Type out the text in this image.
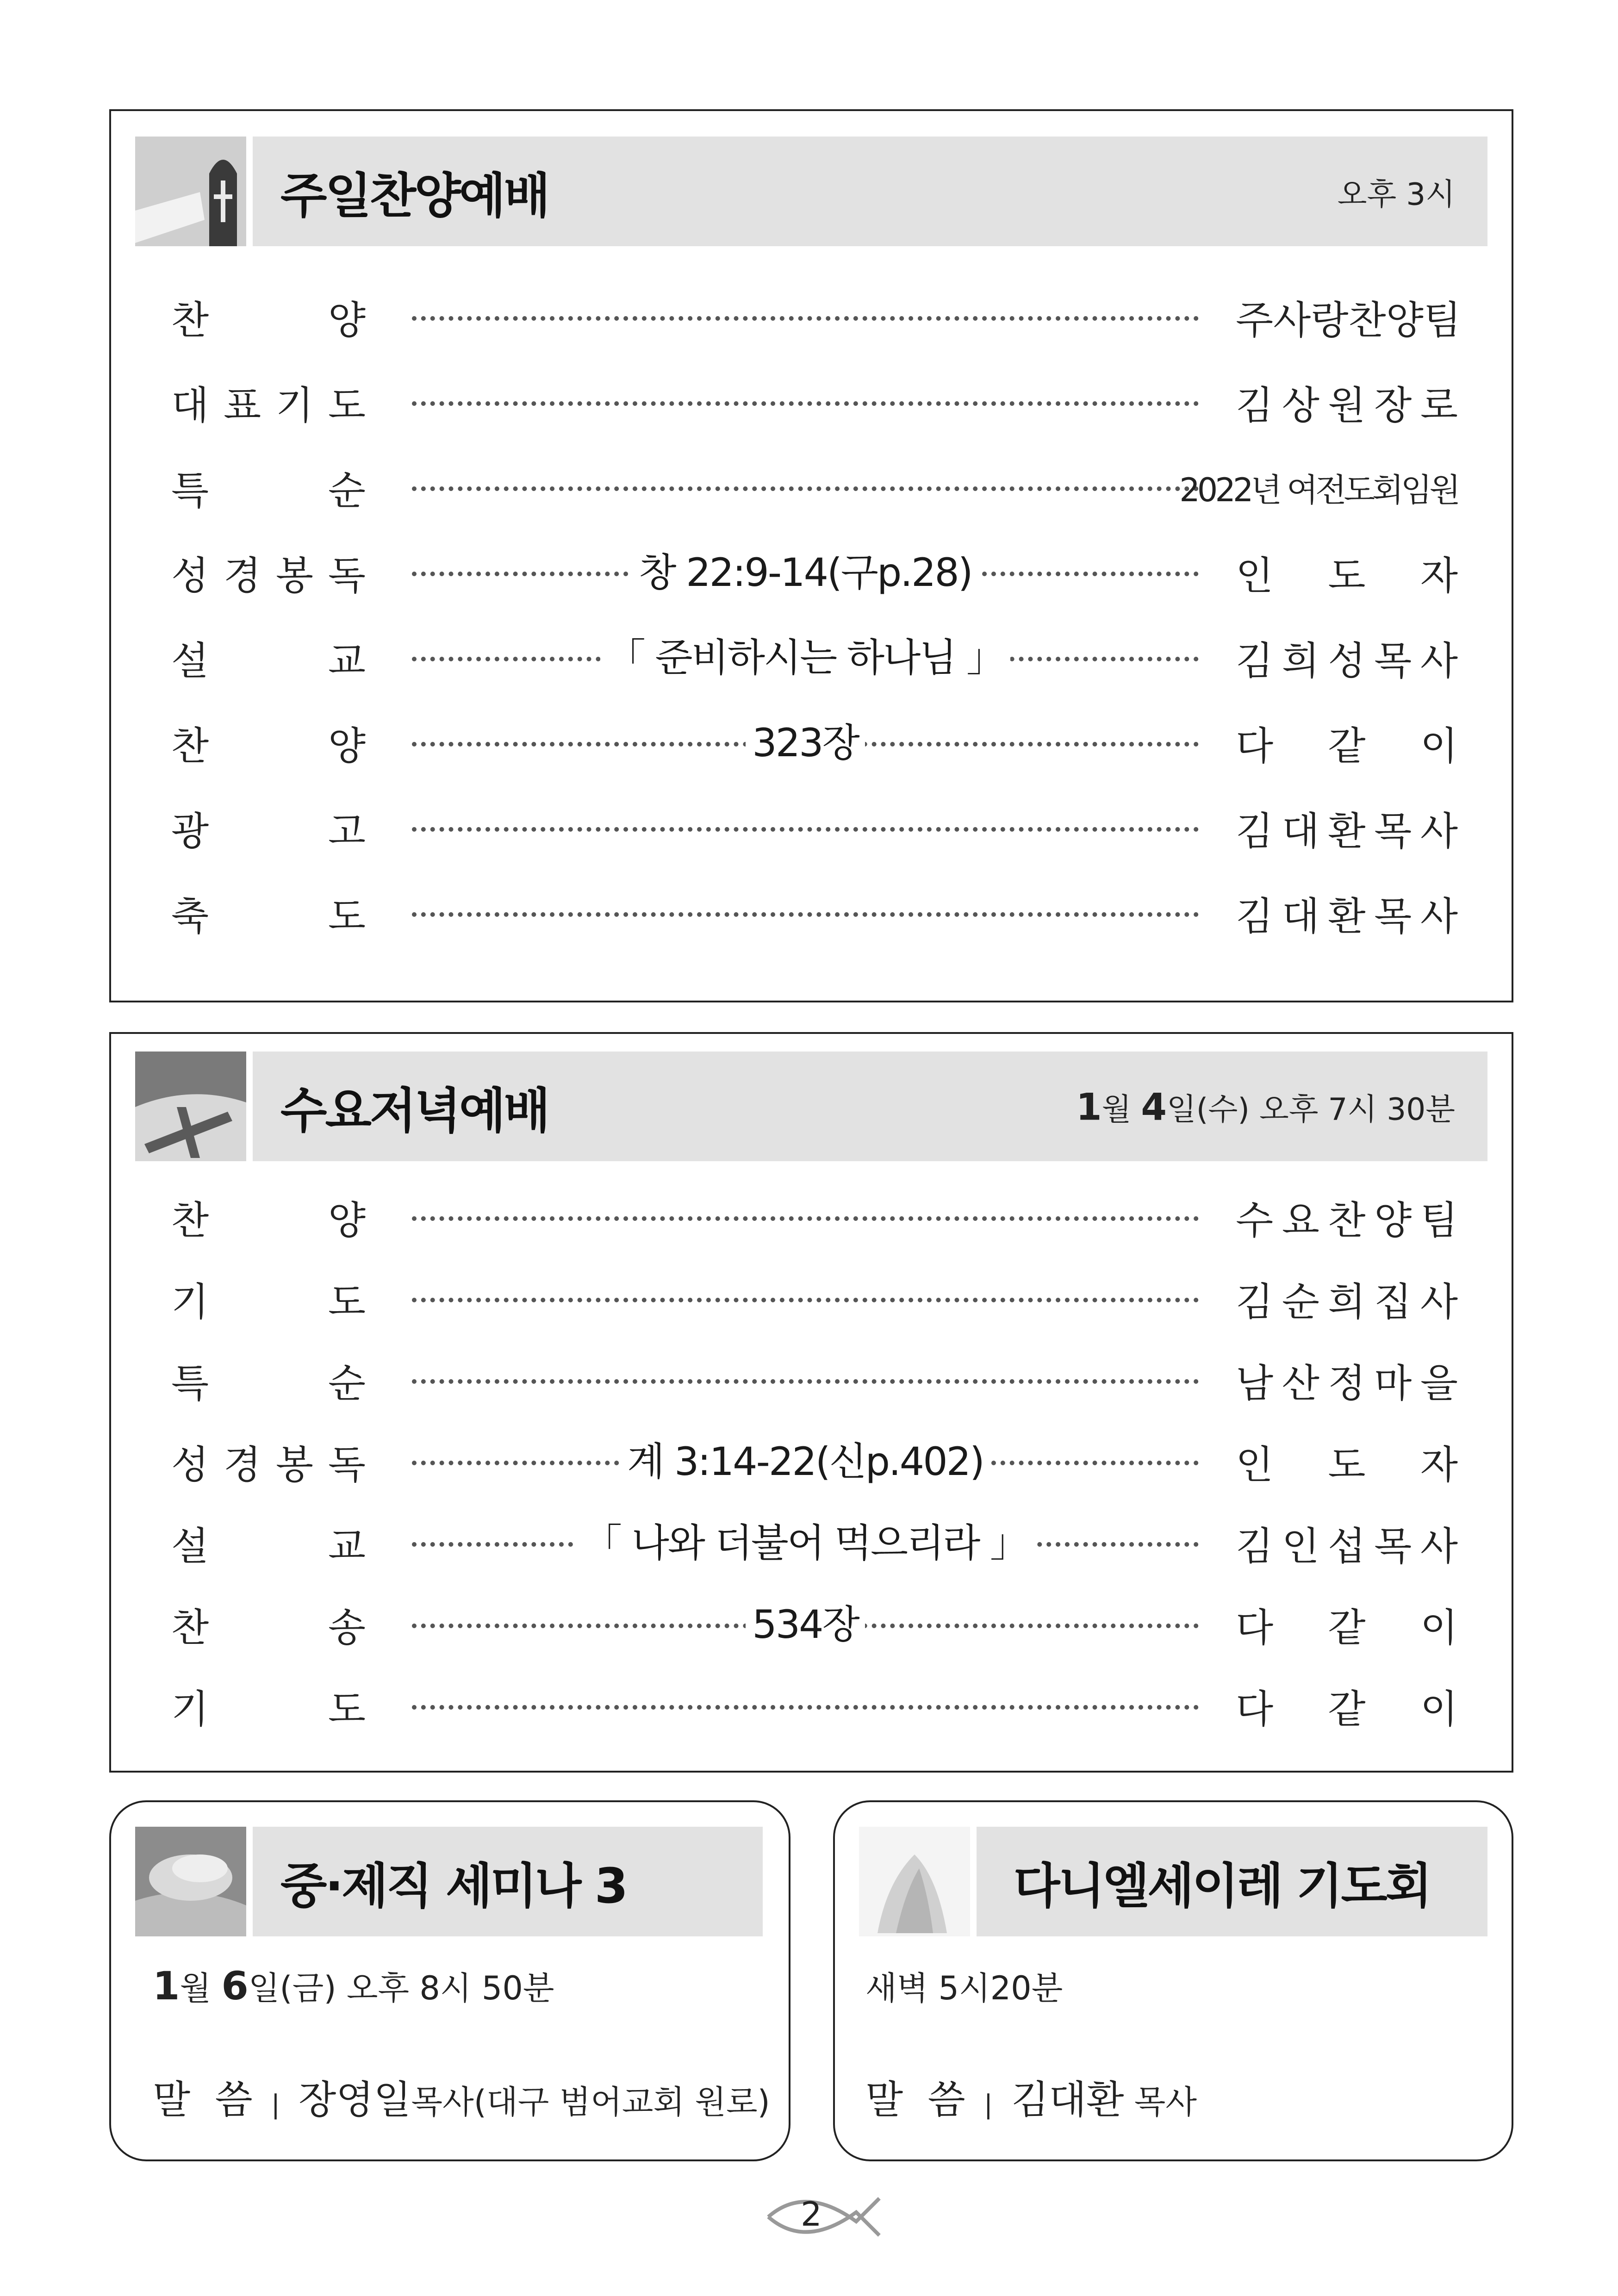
주일찬양예배	오후 3시
찬	양	주 사 랑 찬 양 팀
대 표 기 도	김 상 원 장 로
특	순	2022년 여전도회임원
성 경 봉 독	창 22:9-14(구p.28)	인 도 자
설	교	「 준비하시는 하나님 」	김 희 성 목 사
찬	양	323장	다 같 이
광	고	김 대 환 목 사
축	도	김 대 환 목 사
수요저녁예배	1월 4일(수) 오후 7시 30분
찬	양	수 요 찬 양 팀
기	도	김 순 희 집 사
특	순	남 산 정 마 을
성 경 봉 독	계 3:14-22(신p.402)	인 도 자
설	교	「 나와 더불어 먹으리라 」	김 인 섭 목 사
찬	송	534장	다 같 이
기	도	다 같 이
중·제직 세미나 3
1월 6일(금) 오후 8시 50분
말  씀 | 장영일목사(대구 범어교회 원로)
다니엘세이레 기도회
새벽 5시20분
말  씀 | 김대환 목사
2
